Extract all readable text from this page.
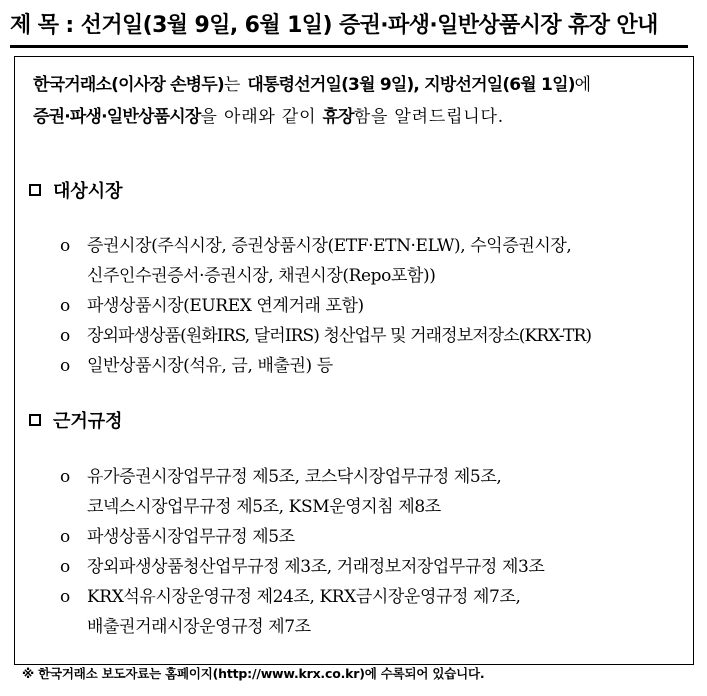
제 목 : 선거일(3월 9일, 6월 1일) 증권·파생·일반상품시장 휴장 안내
한국거래소(이사장 손병두)는 대통령선거일(3월 9일), 지방선거일(6월 1일)에
증권·파생·일반상품시장을 아래와 같이 휴장함을 알려드립니다.
대상시장
o 증권시장(주식시장, 증권상품시장(ETF·ETN·ELW), 수익증권시장,
신주인수권증서·증권시장, 채권시장(Repo포함))
o 파생상품시장(EUREX 연계거래 포함)
o 장외파생상품(원화IRS, 달러IRS) 청산업무 및 거래정보저장소(KRX-TR)
o 일반상품시장(석유, 금, 배출권) 등
근거규정
o 유가증권시장업무규정 제5조, 코스닥시장업무규정 제5조,
코넥스시장업무규정 제5조, KSM운영지침 제8조
o 파생상품시장업무규정 제5조
o 장외파생상품청산업무규정 제3조, 거래정보저장업무규정 제3조
o KRX석유시장운영규정 제24조, KRX금시장운영규정 제7조,
배출권거래시장운영규정 제7조
※ 한국거래소 보도자료는 홈페이지(http://www.krx.co.kr)에 수록되어 있습니다.
